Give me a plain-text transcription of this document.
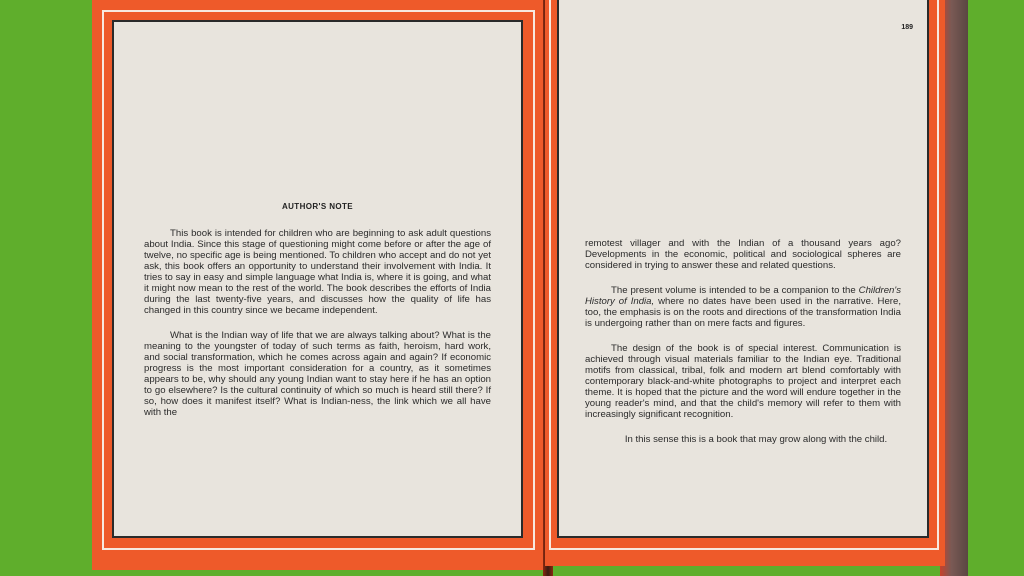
AUTHOR'S NOTE

This book is intended for children who are beginning to ask adult questions about India. Since this stage of questioning might come before or after the age of twelve, no specific age is being mentioned. To children who accept and do not yet ask, this book offers an opportunity to understand their involvement with India. It tries to say in easy and simple language what India is, where it is going, and what it might now mean to the rest of the world. The book describes the efforts of India during the last twenty-five years, and discusses how the quality of life has changed in this country since we became independent.

What is the Indian way of life that we are always talking about? What is the meaning to the youngster of today of such terms as faith, heroism, hard work, and social transformation, which he comes across again and again? If economic progress is the most important consideration for a country, as it sometimes appears to be, why should any young Indian want to stay here if he has an option to go elsewhere? Is the cultural continuity of which so much is heard still there? If so, how does it manifest itself? What is Indian-ness, the link which we all have with the

189

remotest villager and with the Indian of a thousand years ago? Developments in the economic, political and sociological spheres are considered in trying to answer these and related questions.

The present volume is intended to be a companion to the Children's History of India, where no dates have been used in the narrative. Here, too, the emphasis is on the roots and directions of the transformation India is undergoing rather than on mere facts and figures.

The design of the book is of special interest. Communication is achieved through visual materials familiar to the Indian eye. Traditional motifs from classical, tribal, folk and modern art blend comfortably with contemporary black-and-white photographs to project and interpret each theme. It is hoped that the picture and the word will endure together in the young reader's mind, and that the child's memory will refer to them with increasingly significant recognition.

In this sense this is a book that may grow along with the child.
